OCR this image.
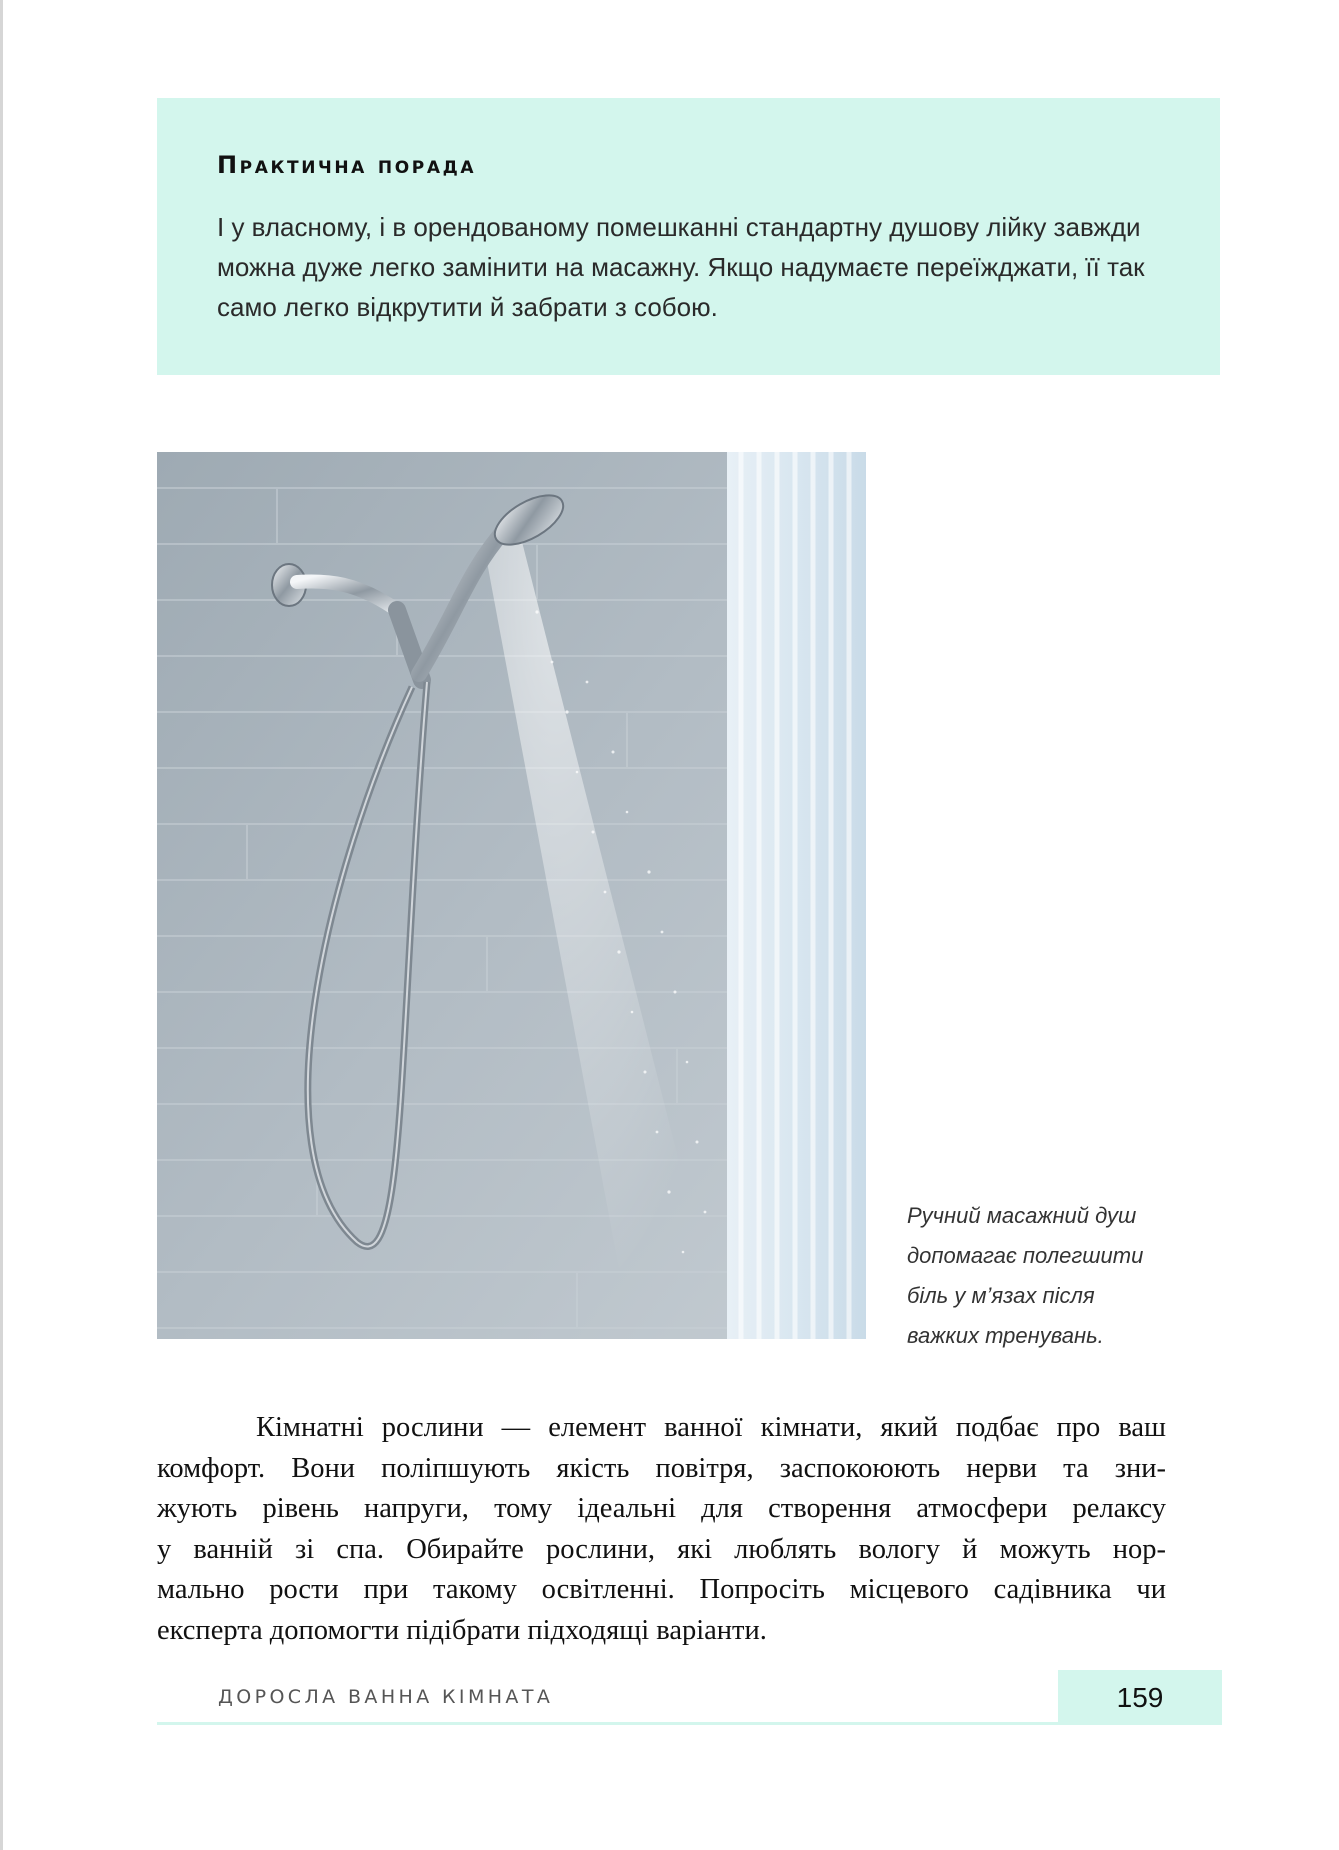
Практична порада
І у власному, і в орендованому помешканні стандартну душову лійку завжди можна дуже легко замінити на масажну. Якщо надумаєте переїжджати, її так само легко відкрутити й забрати з собою.
Ручний масажний душ
допомагає полегшити
біль у м’язах після
важких тренувань.
Кімнатні рослини — елемент ванної кімнати, який подбає про ваш
комфорт. Вони поліпшують якість повітря, заспокоюють нерви та зни-
жують рівень напруги, тому ідеальні для створення атмосфери релаксу
у ванній зі спа. Обирайте рослини, які люблять вологу й можуть нор-
мально рости при такому освітленні. Попросіть місцевого садівника чи
експерта допомогти підібрати підходящі варіанти.
ДОРОСЛА ВАННА КІМНАТА	159
